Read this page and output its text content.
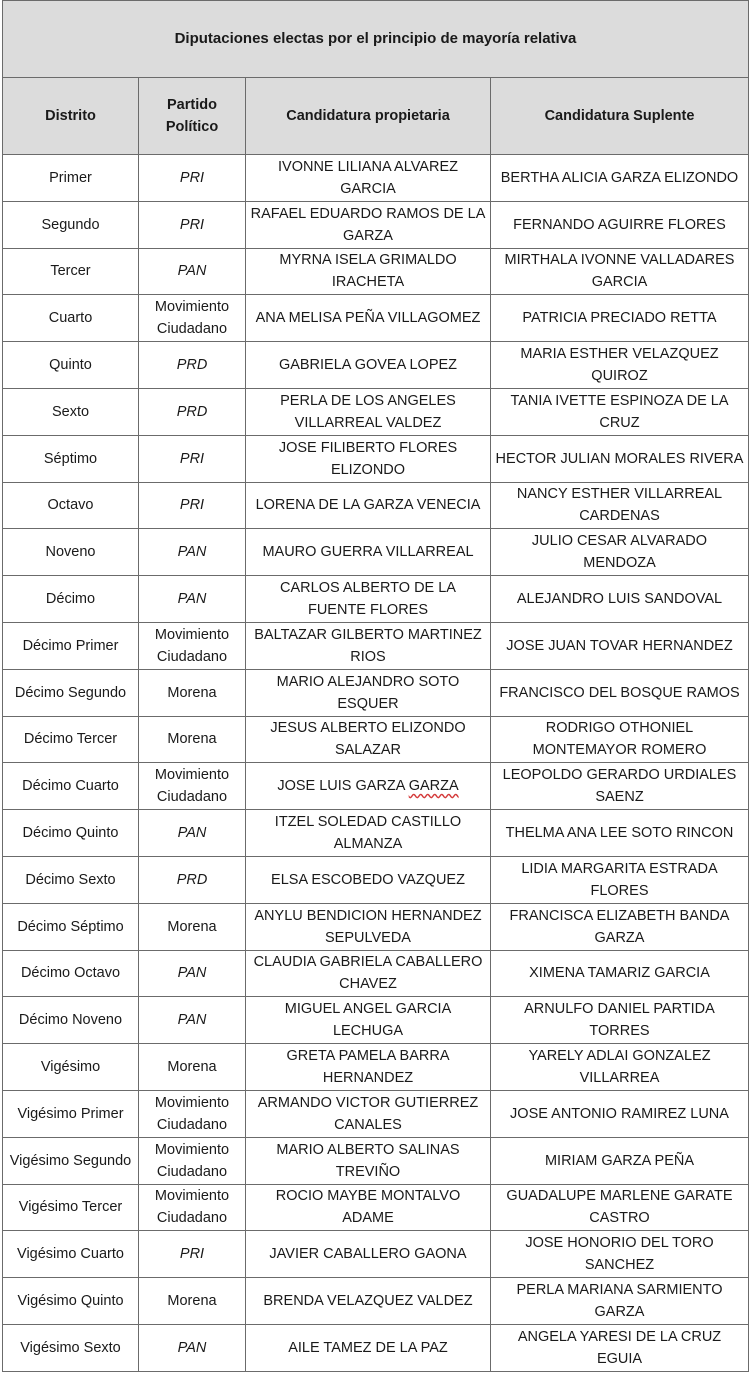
Diputaciones electas por el principio de mayoría relativa			
Distrito	Partido Político	Candidatura propietaria	Candidatura Suplente
Primer	PRI	IVONNE LILIANA ALVAREZ GARCIA	BERTHA ALICIA GARZA ELIZONDO
Segundo	PRI	RAFAEL EDUARDO RAMOS DE LA GARZA	FERNANDO AGUIRRE FLORES
Tercer	PAN	MYRNA ISELA GRIMALDO IRACHETA	MIRTHALA IVONNE VALLADARES GARCIA
Cuarto	Movimiento Ciudadano	ANA MELISA PEÑA VILLAGOMEZ	PATRICIA PRECIADO RETTA
Quinto	PRD	GABRIELA GOVEA LOPEZ	MARIA ESTHER VELAZQUEZ QUIROZ
Sexto	PRD	PERLA DE LOS ANGELES VILLARREAL VALDEZ	TANIA IVETTE ESPINOZA DE LA CRUZ
Séptimo	PRI	JOSE FILIBERTO FLORES ELIZONDO	HECTOR JULIAN MORALES RIVERA
Octavo	PRI	LORENA DE LA GARZA VENECIA	NANCY ESTHER VILLARREAL CARDENAS
Noveno	PAN	MAURO GUERRA VILLARREAL	JULIO CESAR ALVARADO MENDOZA
Décimo	PAN	CARLOS ALBERTO DE LA FUENTE FLORES	ALEJANDRO LUIS SANDOVAL
Décimo Primer	Movimiento Ciudadano	BALTAZAR GILBERTO MARTINEZ RIOS	JOSE JUAN TOVAR HERNANDEZ
Décimo Segundo	Morena	MARIO ALEJANDRO SOTO ESQUER	FRANCISCO DEL BOSQUE RAMOS
Décimo Tercer	Morena	JESUS ALBERTO ELIZONDO SALAZAR	RODRIGO OTHONIEL MONTEMAYOR ROMERO
Décimo Cuarto	Movimiento Ciudadano	JOSE LUIS GARZA GARZA	LEOPOLDO GERARDO URDIALES SAENZ
Décimo Quinto	PAN	ITZEL SOLEDAD CASTILLO ALMANZA	THELMA ANA LEE SOTO RINCON
Décimo Sexto	PRD	ELSA ESCOBEDO VAZQUEZ	LIDIA MARGARITA ESTRADA FLORES
Décimo Séptimo	Morena	ANYLU BENDICION HERNANDEZ SEPULVEDA	FRANCISCA ELIZABETH BANDA GARZA
Décimo Octavo	PAN	CLAUDIA GABRIELA CABALLERO CHAVEZ	XIMENA TAMARIZ GARCIA
Décimo Noveno	PAN	MIGUEL ANGEL GARCIA LECHUGA	ARNULFO DANIEL PARTIDA TORRES
Vigésimo	Morena	GRETA PAMELA BARRA HERNANDEZ	YARELY ADLAI GONZALEZ VILLARREA
Vigésimo Primer	Movimiento Ciudadano	ARMANDO VICTOR GUTIERREZ CANALES	JOSE ANTONIO RAMIREZ LUNA
Vigésimo Segundo	Movimiento Ciudadano	MARIO ALBERTO SALINAS TREVIÑO	MIRIAM GARZA PEÑA
Vigésimo Tercer	Movimiento Ciudadano	ROCIO MAYBE MONTALVO ADAME	GUADALUPE MARLENE GARATE CASTRO
Vigésimo Cuarto	PRI	JAVIER CABALLERO GAONA	JOSE HONORIO DEL TORO SANCHEZ
Vigésimo Quinto	Morena	BRENDA VELAZQUEZ VALDEZ	PERLA MARIANA SARMIENTO GARZA
Vigésimo Sexto	PAN	AILE TAMEZ DE LA PAZ	ANGELA YARESI DE LA CRUZ EGUIA
